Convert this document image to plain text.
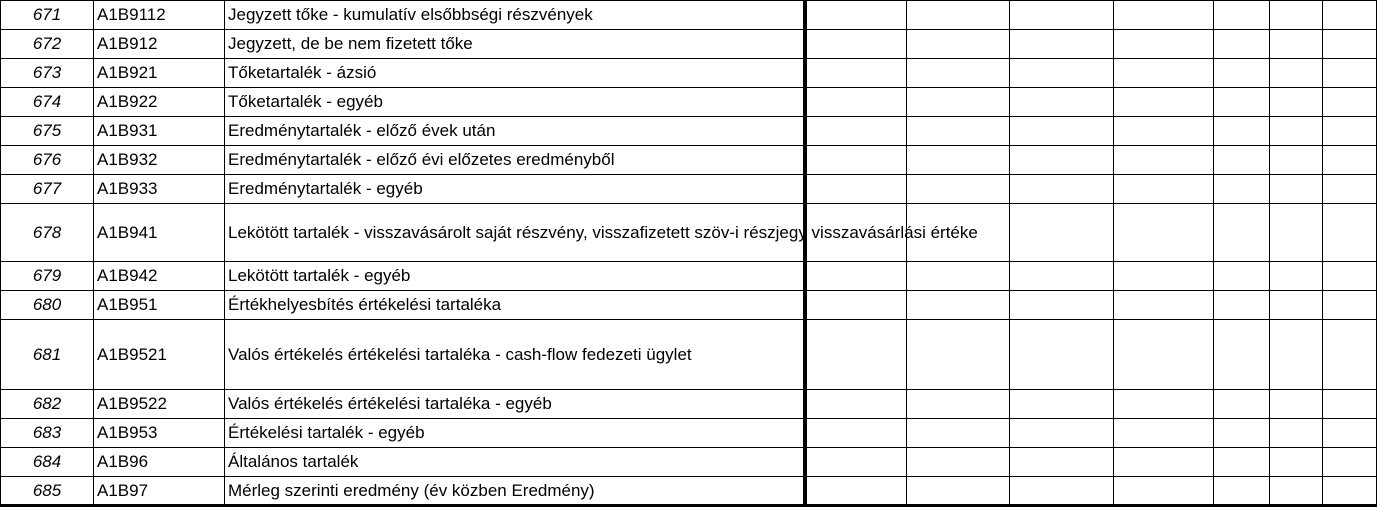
671	A1B9112	Jegyzett tőke - kumulatív elsőbbségi részvények							
672	A1B912	Jegyzett, de be nem fizetett tőke							
673	A1B921	Tőketartalék - ázsió							
674	A1B922	Tőketartalék - egyéb							
675	A1B931	Eredménytartalék - előző évek után							
676	A1B932	Eredménytartalék - előző évi előzetes eredményből							
677	A1B933	Eredménytartalék - egyéb							
678	A1B941	Lekötött tartalék - visszavásárolt saját részvény, visszafizetett szöv-i részjegy visszavásárlási értéke							
679	A1B942	Lekötött tartalék - egyéb							
680	A1B951	Értékhelyesbítés értékelési tartaléka							
681	A1B9521	Valós értékelés értékelési tartaléka - cash-flow fedezeti ügylet							
682	A1B9522	Valós értékelés értékelési tartaléka - egyéb							
683	A1B953	Értékelési tartalék - egyéb							
684	A1B96	Általános tartalék							
685	A1B97	Mérleg szerinti eredmény (év közben Eredmény)							
